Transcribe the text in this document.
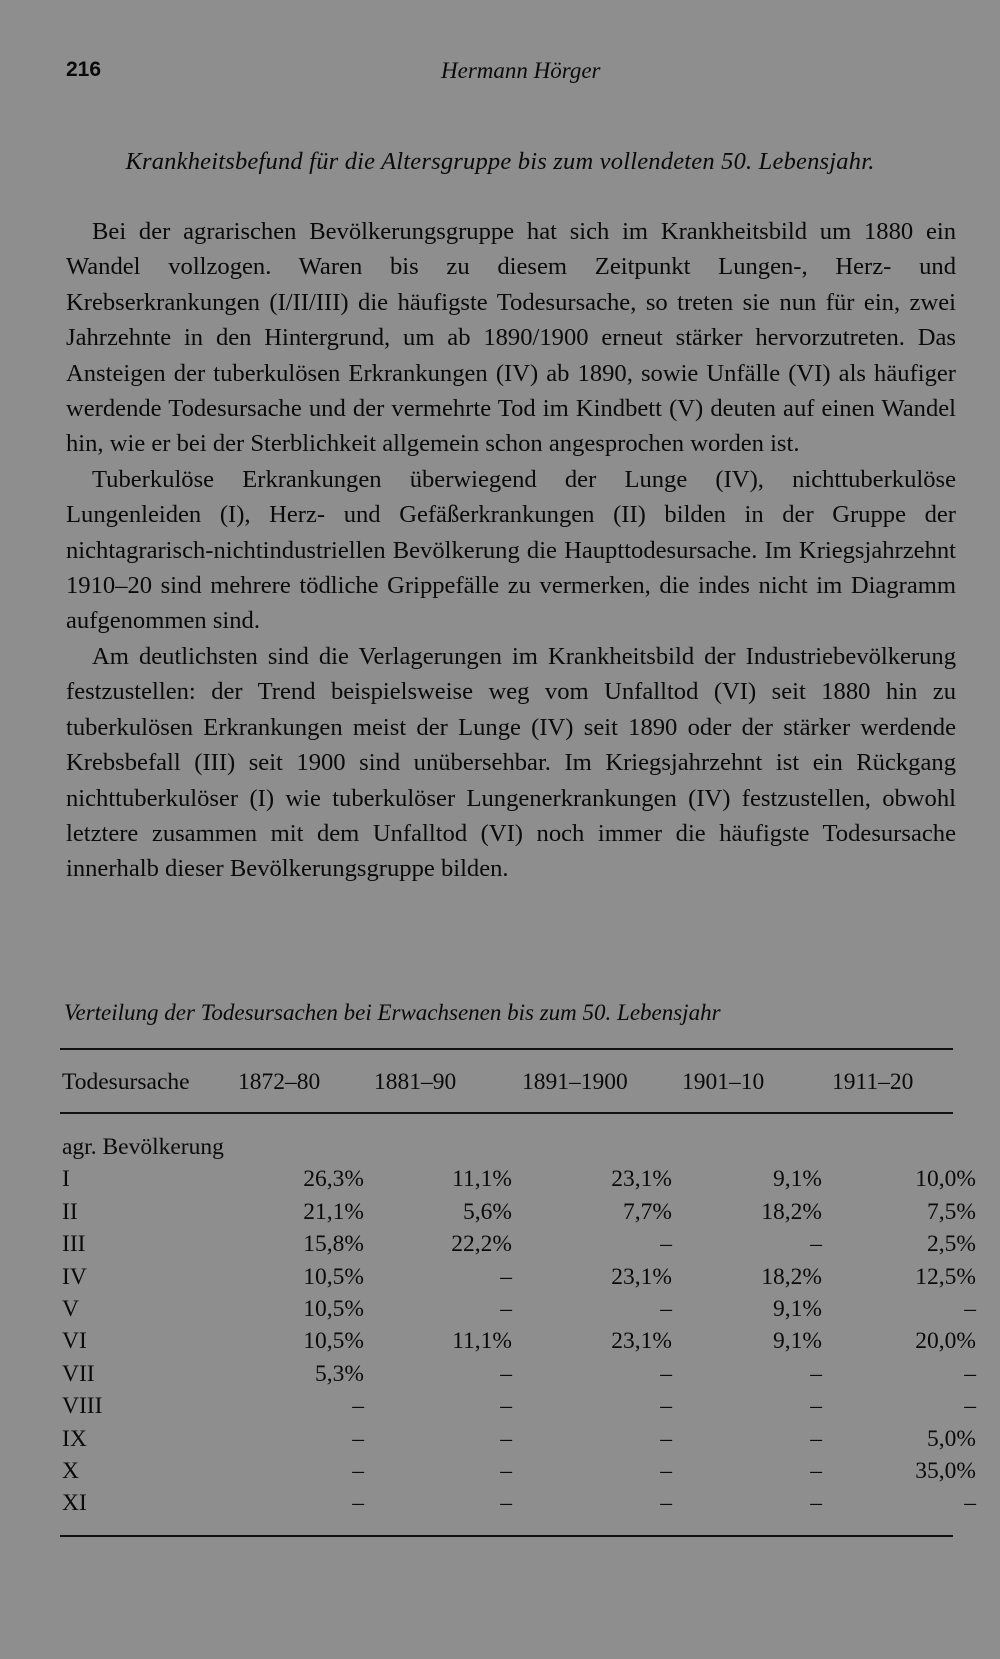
216	Hermann Hörger
Krankheitsbefund für die Altersgruppe bis zum vollendeten 50. Lebensjahr.

Bei der agrarischen Bevölkerungsgruppe hat sich im Krankheitsbild um 1880 ein Wandel vollzogen. Waren bis zu diesem Zeitpunkt Lungen-, Herz- und Krebserkrankungen (I/II/III) die häufigste Todesursache, so treten sie nun für ein, zwei Jahrzehnte in den Hintergrund, um ab 1890/1900 erneut stärker hervorzutreten. Das Ansteigen der tuberkulösen Erkrankungen (IV) ab 1890, sowie Unfälle (VI) als häufiger werdende Todesursache und der vermehrte Tod im Kindbett (V) deuten auf einen Wandel hin, wie er bei der Sterblichkeit allgemein schon angesprochen worden ist.

Tuberkulöse Erkrankungen überwiegend der Lunge (IV), nichttuberkulöse Lungenleiden (I), Herz- und Gefäßerkrankungen (II) bilden in der Gruppe der nichtagrarisch-nichtindustriellen Bevölkerung die Haupttodesursache. Im Kriegsjahrzehnt 1910–20 sind mehrere tödliche Grippefälle zu vermerken, die indes nicht im Diagramm aufgenommen sind.

Am deutlichsten sind die Verlagerungen im Krankheitsbild der Industriebevölkerung festzustellen: der Trend beispielsweise weg vom Unfalltod (VI) seit 1880 hin zu tuberkulösen Erkrankungen meist der Lunge (IV) seit 1890 oder der stärker werdende Krebsbefall (III) seit 1900 sind unübersehbar. Im Kriegsjahrzehnt ist ein Rückgang nichttuberkulöser (I) wie tuberkulöser Lungenerkrankungen (IV) festzustellen, obwohl letztere zusammen mit dem Unfalltod (VI) noch immer die häufigste Todesursache innerhalb dieser Bevölkerungsgruppe bilden.

Verteilung der Todesursachen bei Erwachsenen bis zum 50. Lebensjahr
Todesursache	1872–80	1881–90	1891–1900	1901–10	1911–20

agr. Bevölkerung					
I	26,3%	11,1%	23,1%	9,1%	10,0%
II	21,1%	5,6%	7,7%	18,2%	7,5%
III	15,8%	22,2%	–	–	2,5%
IV	10,5%	–	23,1%	18,2%	12,5%
V	10,5%	–	–	9,1%	–
VI	10,5%	11,1%	23,1%	9,1%	20,0%
VII	5,3%	–	–	–	–
VIII	–	–	–	–	–
IX	–	–	–	–	5,0%
X	–	–	–	–	35,0%
XI	–	–	–	–	–
